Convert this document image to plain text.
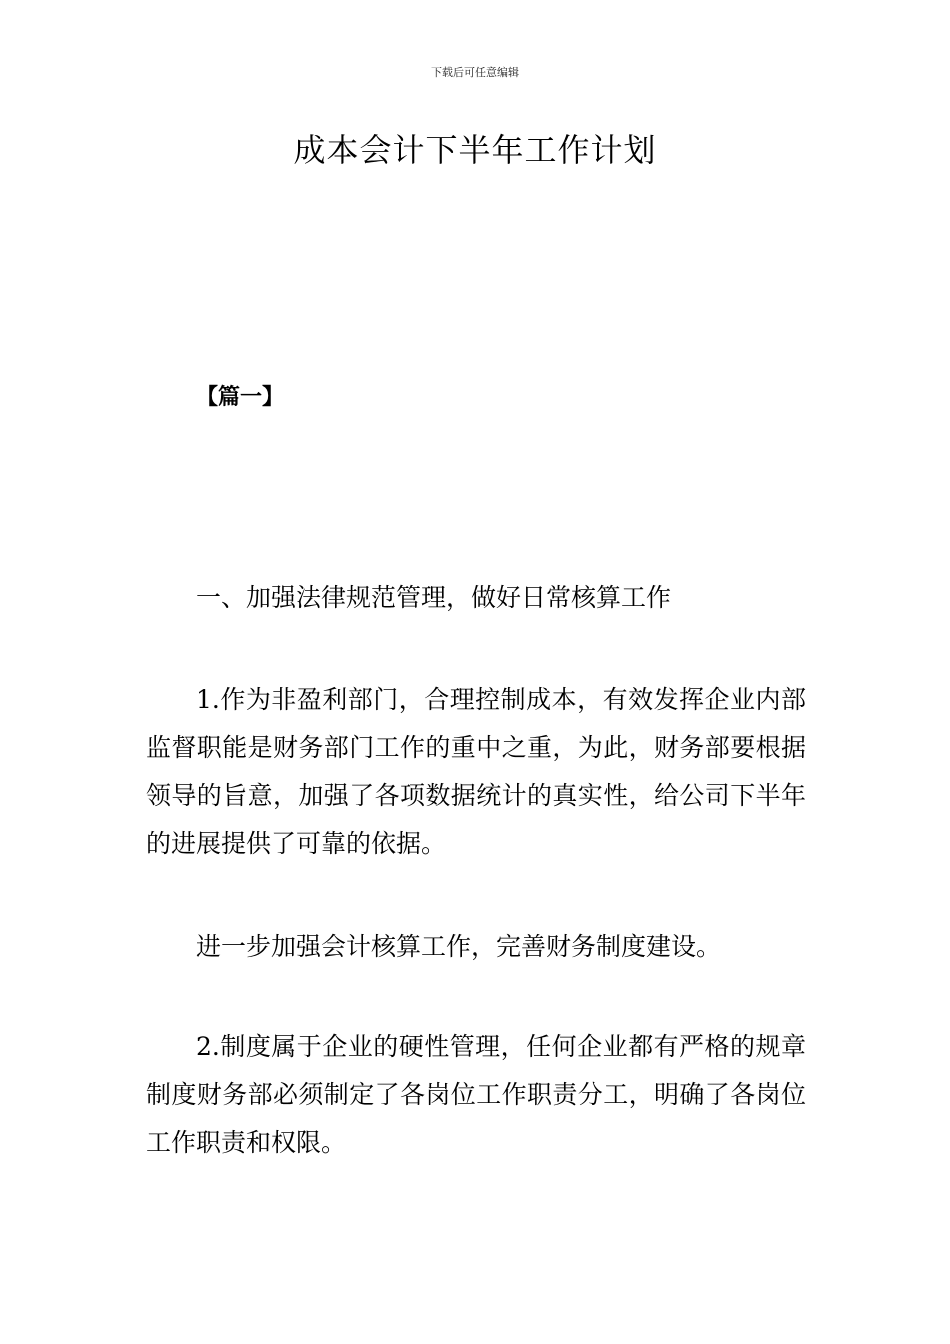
下载后可任意编辑
成本会计下半年工作计划
【篇一】
一、加强法律规范管理，做好日常核算工作

1.作为非盈利部门，合理控制成本，有效发挥企业内部监督职能是财务部门工作的重中之重，为此，财务部要根据领导的旨意，加强了各项数据统计的真实性，给公司下半年的进展提供了可靠的依据。

进一步加强会计核算工作，完善财务制度建设。

2.制度属于企业的硬性管理，任何企业都有严格的规章制度财务部必须制定了各岗位工作职责分工，明确了各岗位工作职责和权限。
